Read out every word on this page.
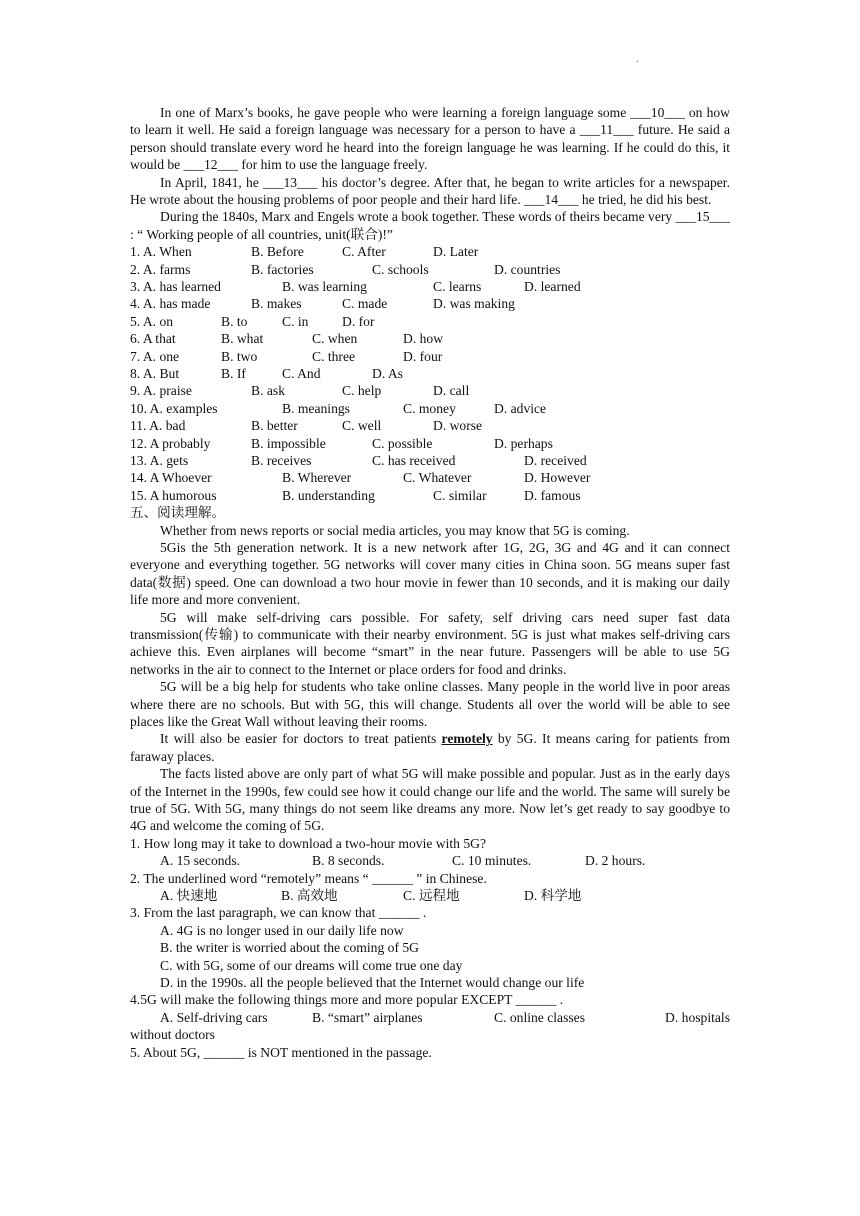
.

In one of Marx’s books, he gave people who were learning a foreign language some ___10___ on how to learn it well. He said a foreign language was necessary for a person to have a ___11___ future. He said a person should translate every word he heard into the foreign language he was learning. If he could do this, it would be ___12___ for him to use the language freely.

In April, 1841, he ___13___ his doctor’s degree. After that, he began to write articles for a newspaper. He wrote about the housing problems of poor people and their hard life. ___14___ he tried, he did his best.

During the 1840s, Marx and Engels wrote a book together. These words of theirs became very ___15___ : “ Working people of all countries, unit(联合)!”

1. A. When	B. Before	C. After	D. Later
2. A. farms	B. factories	C. schools	D. countries
3. A. has learned	B. was learning	C. learns	D. learned
4. A. has made	B. makes	C. made	D. was making
5. A. on	B. to	C. in D. for
6. A that	B. what	C. when	D. how
7. A. one	B. two	C. three	D. four
8. A. But	B. If	C. And	D. As
9. A. praise	B. ask	C. help	D. call
10. A. examples	B. meanings	C. money	D. advice
11. A. bad	B. better	C. well	D. worse
12. A probably	B. impossible	C. possible	D. perhaps
13. A. gets	B. receives	C. has received	D. received
14. A Whoever	B. Wherever	C. Whatever	D. However
15. A humorous	B. understanding	C. similar	D. famous

五、阅读理解。

Whether from news reports or social media articles, you may know that 5G is coming.

5Gis the 5th generation network. It is a new network after 1G, 2G, 3G and 4G and it can connect everyone and everything together. 5G networks will cover many cities in China soon. 5G means super fast data(数据) speed. One can download a two hour movie in fewer than 10 seconds, and it is making our daily life more and more convenient.

5G will make self-driving cars possible. For safety, self driving cars need super fast data transmission(传输) to communicate with their nearby environment. 5G is just what makes self-driving cars achieve this. Even airplanes will become “smart” in the near future. Passengers will be able to use 5G networks in the air to connect to the Internet or place orders for food and drinks.

5G will be a big help for students who take online classes. Many people in the world live in poor areas where there are no schools. But with 5G, this will change. Students all over the world will be able to see places like the Great Wall without leaving their rooms.

It will also be easier for doctors to treat patients remotely by 5G. It means caring for patients from faraway places.

The facts listed above are only part of what 5G will make possible and popular. Just as in the early days of the Internet in the 1990s, few could see how it could change our life and the world. The same will surely be true of 5G. With 5G, many things do not seem like dreams any more. Now let’s get ready to say goodbye to 4G and welcome the coming of 5G.

1. How long may it take to download a two-hour movie with 5G?

A. 15 seconds.	B. 8 seconds.	C. 10 minutes.	D. 2 hours.

2. The underlined word “remotely” means “ ______ ” in Chinese.

A. 快速地	B. 高效地	C. 远程地	D. 科学地

3. From the last paragraph, we can know that ______ .

A. 4G is no longer used in our daily life now

B. the writer is worried about the coming of 5G

C. with 5G, some of our dreams will come true one day

D. in the 1990s. all the people believed that the Internet would change our life

4.5G will make the following things more and more popular EXCEPT ______ .

A. Self-driving cars	B. “smart” airplanes	C. online classes	D. hospitals

without doctors

5. About 5G, ______ is NOT mentioned in the passage.
